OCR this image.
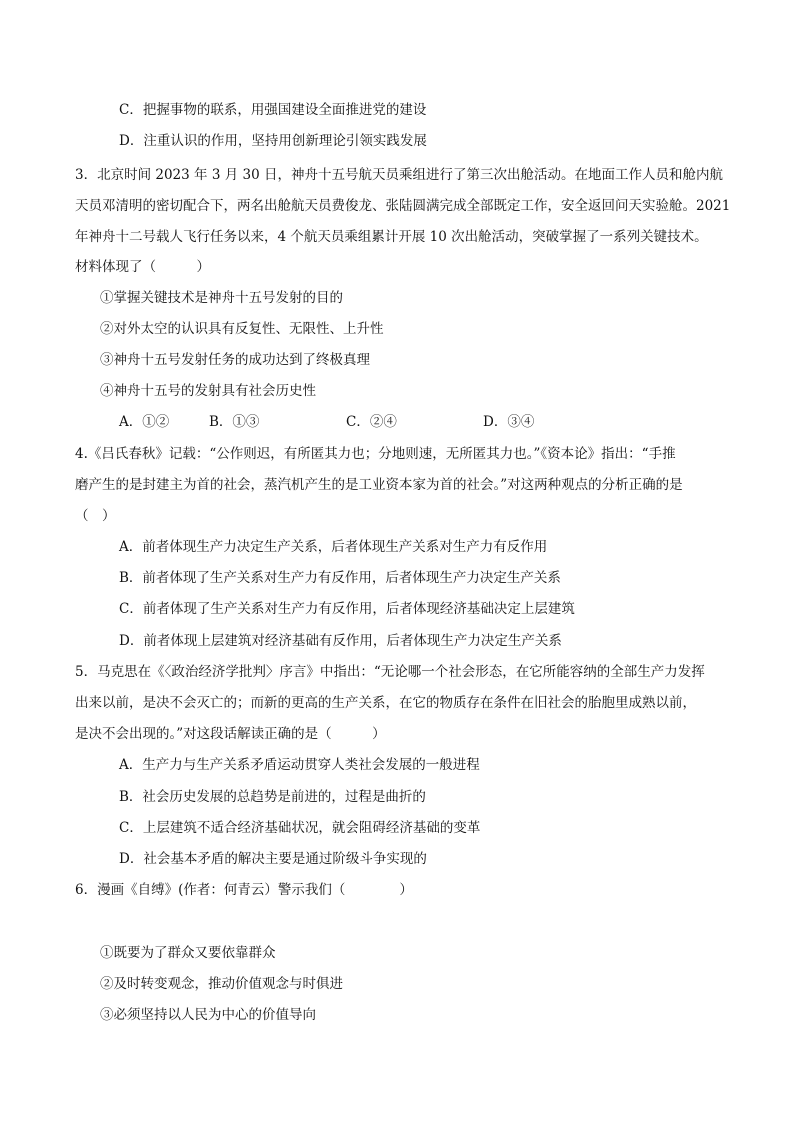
C．把握事物的联系，用强国建设全面推进党的建设
D．注重认识的作用，坚持用创新理论引领实践发展
3．北京时间 2023 年 3 月 30 日，神舟十五号航天员乘组进行了第三次出舱活动。在地面工作人员和舱内航
天员邓清明的密切配合下，两名出舱航天员费俊龙、张陆圆满完成全部既定工作，安全返回问天实验舱。2021
年神舟十二号载人飞行任务以来，4 个航天员乘组累计开展 10 次出舱活动，突破掌握了一系列关键技术。
材料体现了（　　　）
①掌握关键技术是神舟十五号发射的目的
②对外太空的认识具有反复性、无限性、上升性
③神舟十五号发射任务的成功达到了终极真理
④神舟十五号的发射具有社会历史性
A．①②	B．①③	C．②④	D．③④
4.《吕氏春秋》记载：“公作则迟，有所匿其力也；分地则速，无所匿其力也。”《资本论》指出：“手推
磨产生的是封建主为首的社会，蒸汽机产生的是工业资本家为首的社会。”对这两种观点的分析正确的是
（　）
A．前者体现生产力决定生产关系，后者体现生产关系对生产力有反作用
B．前者体现了生产关系对生产力有反作用，后者体现生产力决定生产关系
C．前者体现了生产关系对生产力有反作用，后者体现经济基础决定上层建筑
D．前者体现上层建筑对经济基础有反作用，后者体现生产力决定生产关系
5．马克思在《〈政治经济学批判〉序言》中指出：“无论哪一个社会形态，在它所能容纳的全部生产力发挥
出来以前，是决不会灭亡的；而新的更高的生产关系，在它的物质存在条件在旧社会的胎胞里成熟以前，
是决不会出现的。”对这段话解读正确的是（　　　）
A．生产力与生产关系矛盾运动贯穿人类社会发展的一般进程
B．社会历史发展的总趋势是前进的，过程是曲折的
C．上层建筑不适合经济基础状况，就会阻碍经济基础的变革
D．社会基本矛盾的解决主要是通过阶级斗争实现的
6．漫画《自缚》(作者：何青云）警示我们（　　　　）
①既要为了群众又要依靠群众
②及时转变观念，推动价值观念与时俱进
③必须坚持以人民为中心的价值导向
